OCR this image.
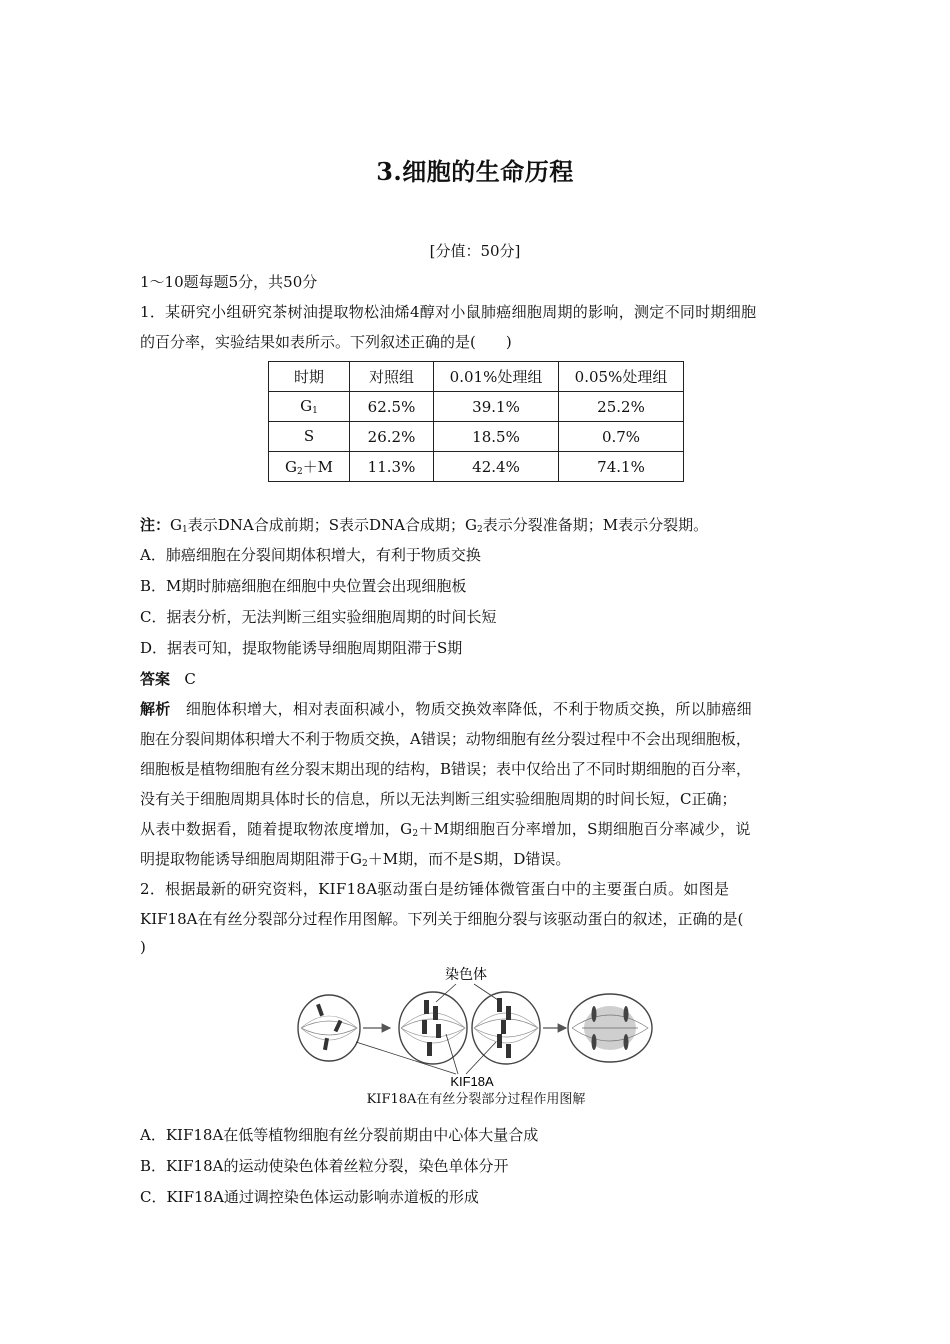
3.细胞的生命历程
[分值：50分]
1～10题每题5分，共50分
1．某研究小组研究茶树油提取物松油烯4醇对小鼠肺癌细胞周期的影响，测定不同时期细胞
的百分率，实验结果如表所示。下列叙述正确的是(　　)
时期	对照组	0.01%处理组	0.05%处理组
$G_1$	62.5%	39.1%	25.2%
S	26.2%	18.5%	0.7%
$G_2+M$	11.3%	42.4%	74.1%
注：$G_1$表示DNA合成前期；S表示DNA合成期；$G_2$表示分裂准备期；M表示分裂期。
A．肺癌细胞在分裂间期体积增大，有利于物质交换
B．M期时肺癌细胞在细胞中央位置会出现细胞板
C．据表分析，无法判断三组实验细胞周期的时间长短
D．据表可知，提取物能诱导细胞周期阻滞于S期
答案 C
解析 细胞体积增大，相对表面积减小，物质交换效率降低，不利于物质交换，所以肺癌细
胞在分裂间期体积增大不利于物质交换，A错误；动物细胞有丝分裂过程中不会出现细胞板，
细胞板是植物细胞有丝分裂末期出现的结构，B错误；表中仅给出了不同时期细胞的百分率，
没有关于细胞周期具体时长的信息，所以无法判断三组实验细胞周期的时间长短，C正确；
从表中数据看，随着提取物浓度增加，$G_2+M$期细胞百分率增加，S期细胞百分率减少，说
明提取物能诱导细胞周期阻滞于$G_2+M$期，而不是S期，D错误。
2．根据最新的研究资料，KIF18A驱动蛋白是纺锤体微管蛋白中的主要蛋白质。如图是
KIF18A在有丝分裂部分过程作用图解。下列关于细胞分裂与该驱动蛋白的叙述，正确的是(
)
染色体
KIF18A
KIF18A在有丝分裂部分过程作用图解
A．KIF18A在低等植物细胞有丝分裂前期由中心体大量合成
B．KIF18A的运动使染色体着丝粒分裂，染色单体分开
C．KIF18A通过调控染色体运动影响赤道板的形成
